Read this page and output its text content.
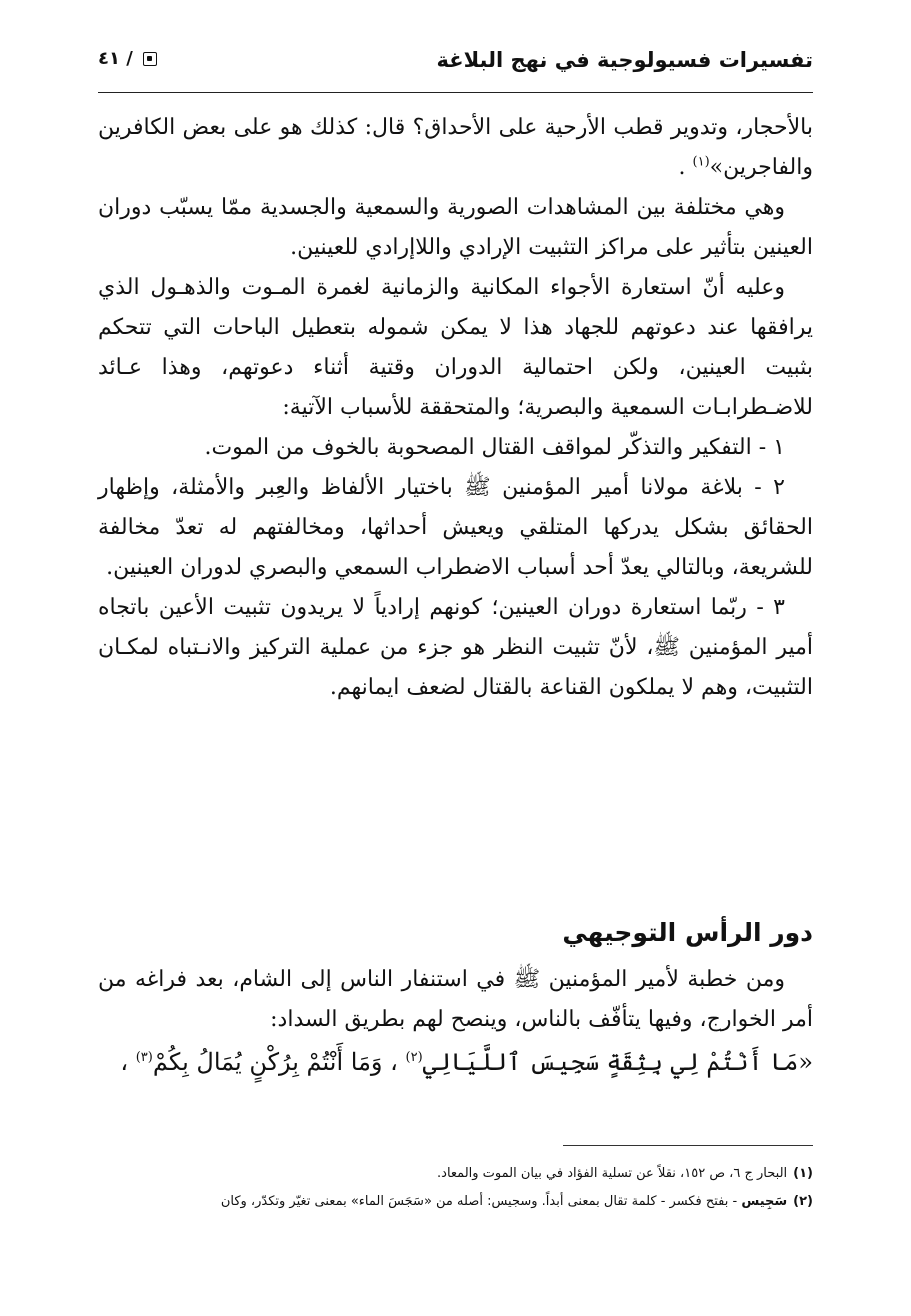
تفسيرات فسيولوجية في نهج البلاغة
/ ٤١

بالأحجار، وتدوير قطب الأرحية على الأحداق؟ قال: كذلك هو على بعض الكافرين والفاجرين»$^{(١)}$ .

وهي مختلفة بين المشاهدات الصورية والسمعية والجسدية ممّا يسبّب دوران العينين بتأثير على مراكز التثبيت الإرادي واللاإرادي للعينين.

وعليه أنّ استعارة الأجواء المكانية والزمانية لغمرة المـوت والذهـول الذي يرافقها عند دعوتهم للجهاد هذا لا يمكن شموله بتعطيل الباحات التي تتحكم بثبيت العينين، ولكن احتمالية الدوران وقتية أثناء دعوتهم، وهذا عـائد للاضـطرابـات السمعية والبصرية؛ والمتحققة للأسباب الآتية:

١ - التفكير والتذكّر لمواقف القتال المصحوبة بالخوف من الموت.

٢ - بلاغة مولانا أمير المؤمنين ﷺ باختيار الألفاظ والعِبر والأمثلة، وإظهار الحقائق بشكل يدركها المتلقي ويعيش أحداثها، ومخالفتهم له تعدّ مخالفة للشريعة، وبالتالي يعدّ أحد أسباب الاضطراب السمعي والبصري لدوران العينين.

٣ - ربّما استعارة دوران العينين؛ كونهم إرادياً لا يريدون تثبيت الأعين باتجاه أمير المؤمنين ﷺ، لأنّ تثبيت النظر هو جزء من عملية التركيز والانـتباه لمكـان التثبيت، وهم لا يملكون القناعة بالقتال لضعف ايمانهم.

دور الرأس التوجيهي

ومن خطبة لأمير المؤمنين ﷺ في استنفار الناس إلى الشام، بعد فراغه من أمر الخوارج، وفيها يتأفّف بالناس، وينصح لهم بطريق السداد:

«مَا أَنْتُمْ لِي بِثِقَةٍ سَجِيسَ ٱللَّيَالِي$^{(٢)}$ ، وَمَا أَنْتُمْ بِرُكْنٍ يُمَالُ بِكُمْ$^{(٣)}$ ،

(١)البحار ج ٦، ص ١٥٢، نقلاً عن تسلية الفؤاد في بيان الموت والمعاد.

(٢)سَجِيس - بفتح فكسر - كلمة تقال بمعنى أبداً. وسجيس: أصله من «سَجَسَ الماء» بمعنى تغيّر وتكدّر، وكان
